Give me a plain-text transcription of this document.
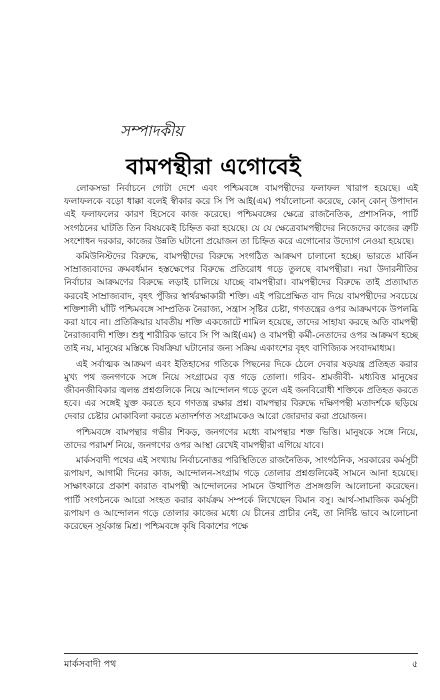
সম্পাদকীয়
বামপন্থীরা এগোবেই

লোকসভা নির্বাচনে গোটা দেশে এবং পশ্চিমবঙ্গে বামপন্থীদের ফলাফল খারাপ হয়েছে। এই ফলাফলকে বড়ো ধাক্কা বলেই স্বীকার করে সি পি আই(এম) পর্যালোচনা করেছে, কোন্ কোন্ উপাদান এই ফলাফলের কারণ হিসেবে কাজ করেছে। পশ্চিমবঙ্গের ক্ষেত্রে রাজনৈতিক, প্রশাসনিক, পার্টি সংগঠনের ঘাটতি তিন বিষয়কেই চিহ্নিত করা হয়েছে। যে যে ক্ষেত্রেবামপন্থীদের নিজেদের কাজের ত্রুটি সংশোধন দরকার, কাজের উন্নতি ঘটানো প্রয়োজন তা চিহ্নিত করে এগোনোর উদ্যোগ নেওয়া হয়েছে।

কমিউনিস্টদের বিরুদ্ধে, বামপন্থীদের বিরুদ্ধে সংগঠিত আক্রমণ চালানো হচ্ছে। ভারতে মার্কিন সাম্রাজ্যবাদের ক্রমবর্ধমান হস্তক্ষেপের বিরুদ্ধে প্রতিরোধ গড়ে তুলছে বামপন্থীরা। নয়া উদারনীতির নির্বাচার আক্রমণের বিরুদ্ধে লড়াই চালিয়ে যাচ্ছে বামপন্থীরা। বামপন্থীদের বিরুদ্ধে তাই প্রত্যাঘাত করবেই সাম্রাজ্যবাদ, বৃহৎ পুঁজির স্বার্থরক্ষাকারী শক্তি। এই পরিপ্রেক্ষিত বাদ দিয়ে বামপন্থীদের সবচেয়ে শক্তিশালী ঘাঁটি পশ্চিমবঙ্গে সাম্প্রতিক নৈরাজ্য, সন্ত্রাস সৃষ্টির চেষ্টা, গণতন্ত্রের ওপর আক্রমণকে উপলব্ধি করা যাবে না। প্রতিক্রিয়ার যাবতীয় শক্তি একজোটে শামিল হয়েছে, তাদের সাহায্য করছে অতি বামপন্থী নৈরাজ্যবাদী শক্তি। শুধু শারীরিক ভাবে সি পি আই(এম) ও বামপন্থী কর্মী-নেতাদের ওপর আক্রমণ হচ্ছে তাই নয়, মানুষের মস্তিষ্কে বিষক্রিয়া ঘটানোর জন্য সক্রিয় একাংশের বৃহৎ বাণিজ্যিক সংবাদমাধ্যম।

এই সর্বাত্মক আক্রমণ এবং ইতিহাসের গতিকে পিছনের দিকে ঠেলে দেবার ষড়যন্ত্র প্রতিহত করার মুখ্য পথ জনগণকে সঙ্গে নিয়ে সংগ্রামের বৃত্ত গড়ে তোলা। গরিব- শ্রমজীবী- মধ্যবিত্ত মানুষের জীবনজীবিকার জ্বলন্ত প্রশ্নগুলিকে নিয়ে আন্দোলন গড়ে তুলে এই জনবিরোধী শক্তিকে প্রতিহত করতে হবে। এর সঙ্গেই যুক্ত করতে হবে গণতন্ত্র রক্ষার প্রশ্ন। বামপন্থার বিরুদ্ধে দক্ষিণপন্থী মতাদর্শকে ছড়িয়ে দেবার চেষ্টার মোকাবিলা করতে মতাদর্শগত সংগ্রামকেও আরো জোরদার করা প্রয়োজন।

পশ্চিমবঙ্গে বামপন্থার গভীর শিকড়, জনগণের মধ্যে বামপন্থার শক্ত ভিত্তি। মানুষকে সঙ্গে নিয়ে, তাদের পরামর্শ নিয়ে, জনগণের ওপর আস্থা রেখেই বামপন্থীরা এগিয়ে যাবে।

মার্কসবাদী পথের এই সংখ্যায় নির্বাচনোত্তর পরিস্থিতিতে রাজনৈতিক, সাংগঠনিক, সরকারের কর্মসূচী রূপায়ণ, আগামী দিনের কাজ, আন্দোলন-সংগ্রাম গড়ে তোলার প্রশ্নগুলিকেই সামনে আনা হয়েছে। সাক্ষাৎকারে প্রকাশ কারাত বামপন্থী আন্দোলনের সামনে উত্থাপিত প্রসঙ্গগুলি আলোচনা করেছেন। পার্টি সংগঠনকে আরো সংহত করার কার্যক্রম সম্পর্কে লিখেছেন বিমান বসু। আর্থ-সামাজিক কর্মসূচী রূপায়ণ ও আন্দোলন গড়ে তোলার কাজের মধ্যে যে চীনের প্রাচীর নেই, তা নির্দিষ্ট ভাবে আলোচনা করেছেন সূর্যকান্ত মিশ্র। পশ্চিমবঙ্গে কৃষি বিকাশের পক্ষে

মার্কসবাদী পথ	৫
